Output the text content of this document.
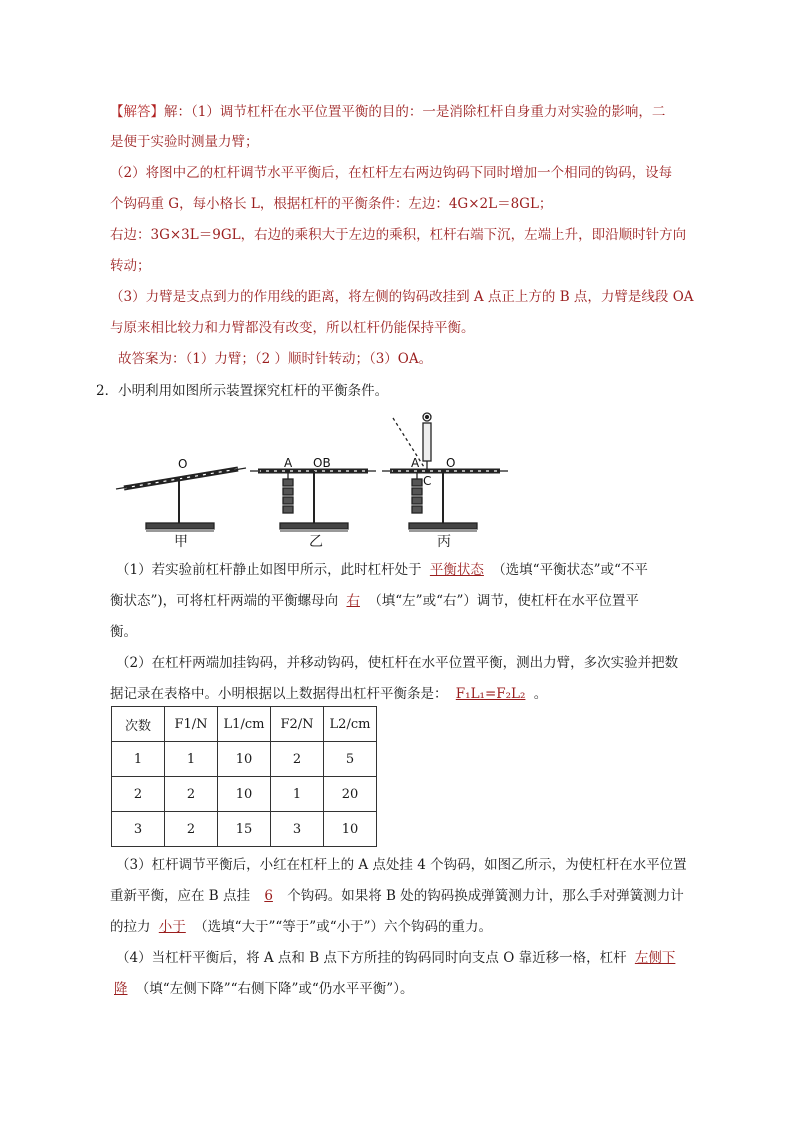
【解答】解：（1）调节杠杆在水平位置平衡的目的：一是消除杠杆自身重力对实验的影响，二
是便于实验时测量力臂；
（2）将图中乙的杠杆调节水平平衡后，在杠杆左右两边钩码下同时增加一个相同的钩码，设每
个钩码重 G，每小格长 L，根据杠杆的平衡条件：左边：4G×2L＝8GL；
右边：3G×3L＝9GL，右边的乘积大于左边的乘积，杠杆右端下沉，左端上升，即沿顺时针方向
转动；
（3）力臂是支点到力的作用线的距离，将左侧的钩码改挂到 A 点正上方的 B 点，力臂是线段 OA
与原来相比较力和力臂都没有改变，所以杠杆仍能保持平衡。
故答案为：（1）力臂；（2 ）顺时针转动；（3）OA。
2．小明利用如图所示装置探究杠杆的平衡条件。
O	A OB	A O
C
甲	乙	丙
（1）若实验前杠杆静止如图甲所示，此时杠杆处于 平衡状态 （选填“平衡状态”或“不平
衡状态”)，可将杠杆两端的平衡螺母向 右 （填“左”或“右”）调节，使杠杆在水平位置平
衡。
（2）在杠杆两端加挂钩码，并移动钩码，使杠杆在水平位置平衡，测出力臂，多次实验并把数
据记录在表格中。小明根据以上数据得出杠杆平衡条是： F₁L₁=F₂L₂ 。
次数	F1/N	L1/cm	F2/N	L2/cm
1	1	10	2	5
2	2	10	1	20
3	2	15	3	10
（3）杠杆调节平衡后，小红在杠杆上的 A 点处挂 4 个钩码，如图乙所示，为使杠杆在水平位置
重新平衡，应在 B 点挂 6 个钩码。如果将 B 处的钩码换成弹簧测力计，那么手对弹簧测力计
的拉力 小于 （选填“大于”“等于”或“小于”）六个钩码的重力。
（4）当杠杆平衡后，将 A 点和 B 点下方所挂的钩码同时向支点 O 靠近移一格，杠杆 左侧下
降 （填“左侧下降”“右侧下降”或“仍水平平衡”）。
